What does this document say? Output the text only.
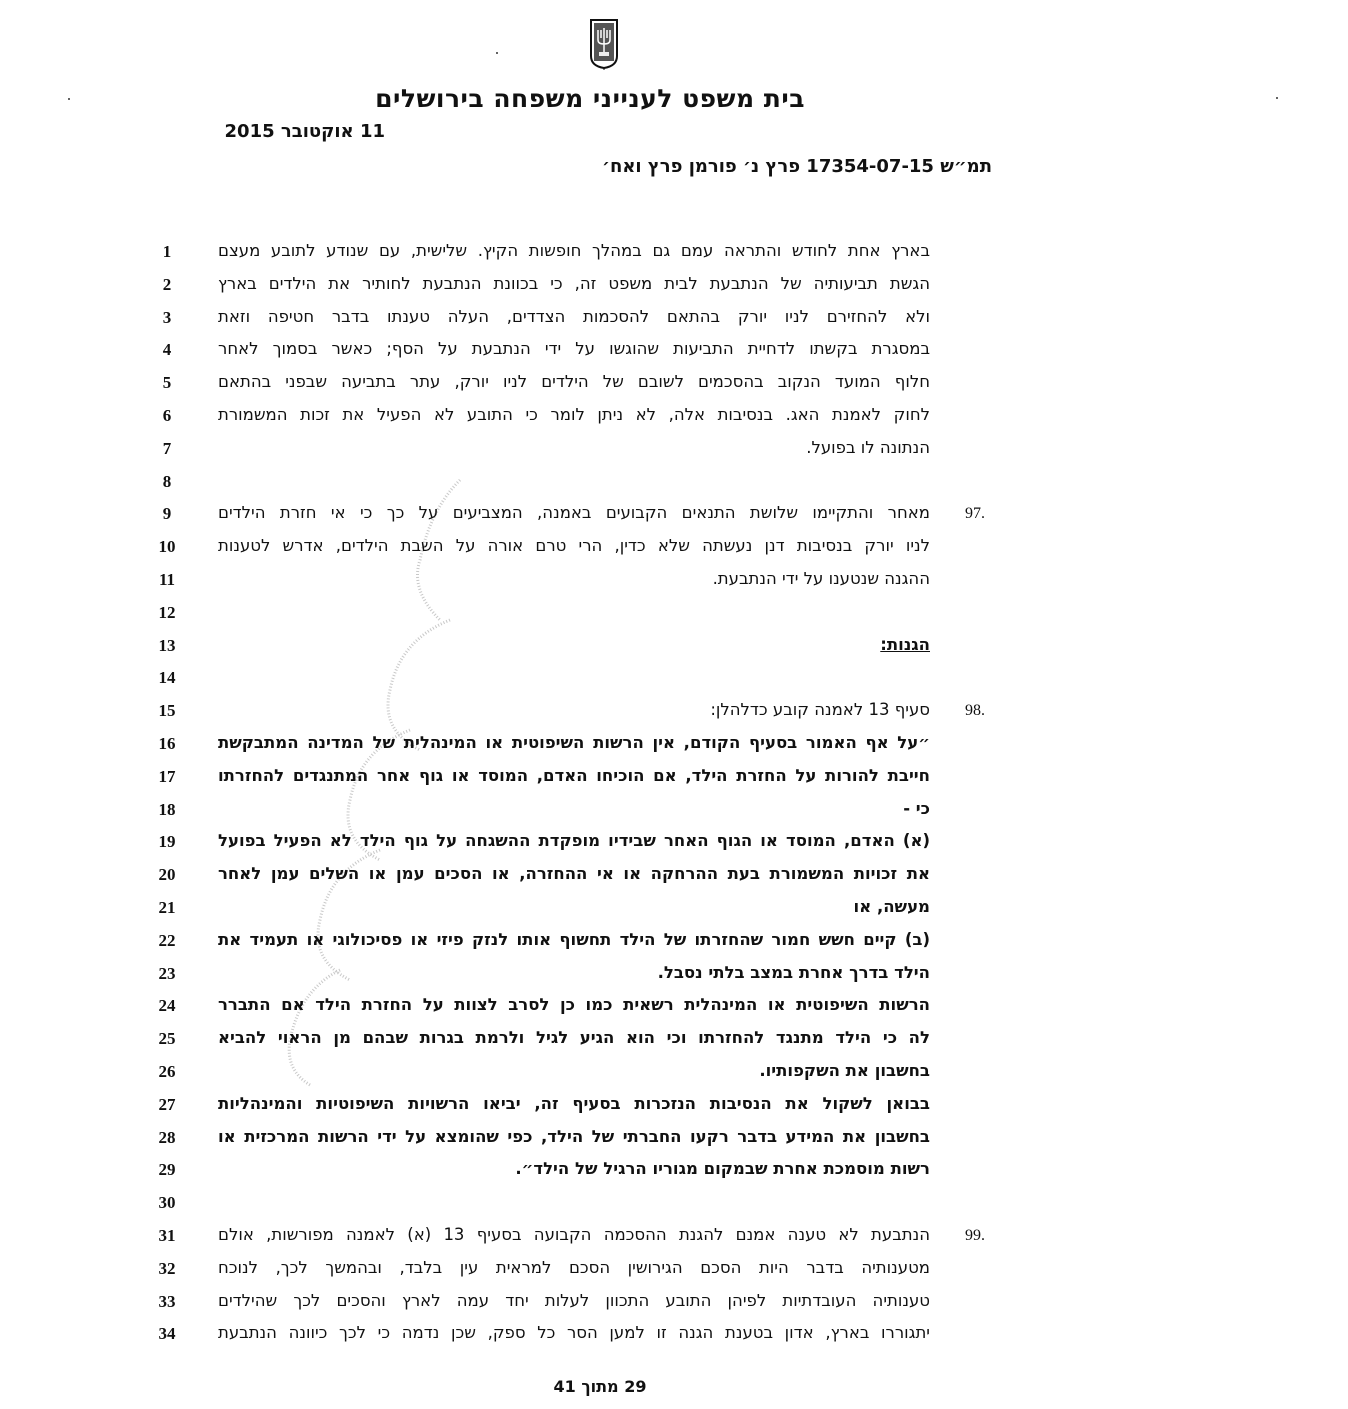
בית משפט לענייני משפחה בירושלים
11 אוקטובר 2015
תמ״ש 17354-07-15 פרץ נ׳ פורמן פרץ ואח׳
1	בארץ אחת לחודש והתראה עמם גם במהלך חופשות הקיץ. שלישית, עם שנודע לתובע מעצם
2	הגשת תביעותיה של הנתבעת לבית משפט זה, כי בכוונת הנתבעת לחותיר את הילדים בארץ
3	ולא להחזירם לניו יורק בהתאם להסכמות הצדדים, העלה טענתו בדבר חטיפה וזאת
4	במסגרת בקשתו לדחיית התביעות שהוגשו על ידי הנתבעת על הסף; כאשר בסמוך לאחר
5	חלוף המועד הנקוב בהסכמים לשובם של הילדים לניו יורק, עתר בתביעה שבפני בהתאם
6	לחוק לאמנת האג. בנסיבות אלה, לא ניתן לומר כי התובע לא הפעיל את זכות המשמורת
7	הנתונה לו בפועל.
8
9	מאחר והתקיימו שלושת התנאים הקבועים באמנה, המצביעים על כך כי אי חזרת הילדים 97.
10	לניו יורק בנסיבות דנן נעשתה שלא כדין, הרי טרם אורה על השבת הילדים, אדרש לטענות
11	ההגנה שנטענו על ידי הנתבעת.
12
13	הגנות:
14
15	סעיף 13 לאמנה קובע כדלהלן: 98.
16	״על אף האמור בסעיף הקודם, אין הרשות השיפוטית או המינהלית של המדינה המתבקשת
17	חייבת להורות על החזרת הילד, אם הוכיחו האדם, המוסד או גוף אחר המתנגדים להחזרתו
18	כי -
19	(א) האדם, המוסד או הגוף האחר שבידיו מופקדת ההשגחה על גוף הילד לא הפעיל בפועל
20	את זכויות המשמורת בעת ההרחקה או אי ההחזרה, או הסכים עמן או השלים עמן לאחר
21	מעשה, או
22	(ב) קיים חשש חמור שהחזרתו של הילד תחשוף אותו לנזק פיזי או פסיכולוגי או תעמיד את
23	הילד בדרך אחרת במצב בלתי נסבל.
24	הרשות השיפוטית או המינהלית רשאית כמו כן לסרב לצוות על החזרת הילד אם התברר
25	לה כי הילד מתנגד להחזרתו וכי הוא הגיע לגיל ולרמת בגרות שבהם מן הראוי להביא
26	בחשבון את השקפותיו.
27	בבואן לשקול את הנסיבות הנזכרות בסעיף זה, יביאו הרשויות השיפוטיות והמינהליות
28	בחשבון את המידע בדבר רקעו החברתי של הילד, כפי שהומצא על ידי הרשות המרכזית או
29	רשות מוסמכת אחרת שבמקום מגוריו הרגיל של הילד״.
30
31	הנתבעת לא טענה אמנם להגנת ההסכמה הקבועה בסעיף 13 (א) לאמנה מפורשות, אולם 99.
32	מטענותיה בדבר היות הסכם הגירושין הסכם למראית עין בלבד, ובהמשך לכך, לנוכח
33	טענותיה העובדתיות לפיהן התובע התכוון לעלות יחד עמה לארץ והסכים לכך שהילדים
34	יתגוררו בארץ, אדון בטענת הגנה זו למען הסר כל ספק, שכן נדמה כי לכך כיוונה הנתבעת
29 מתוך 41
